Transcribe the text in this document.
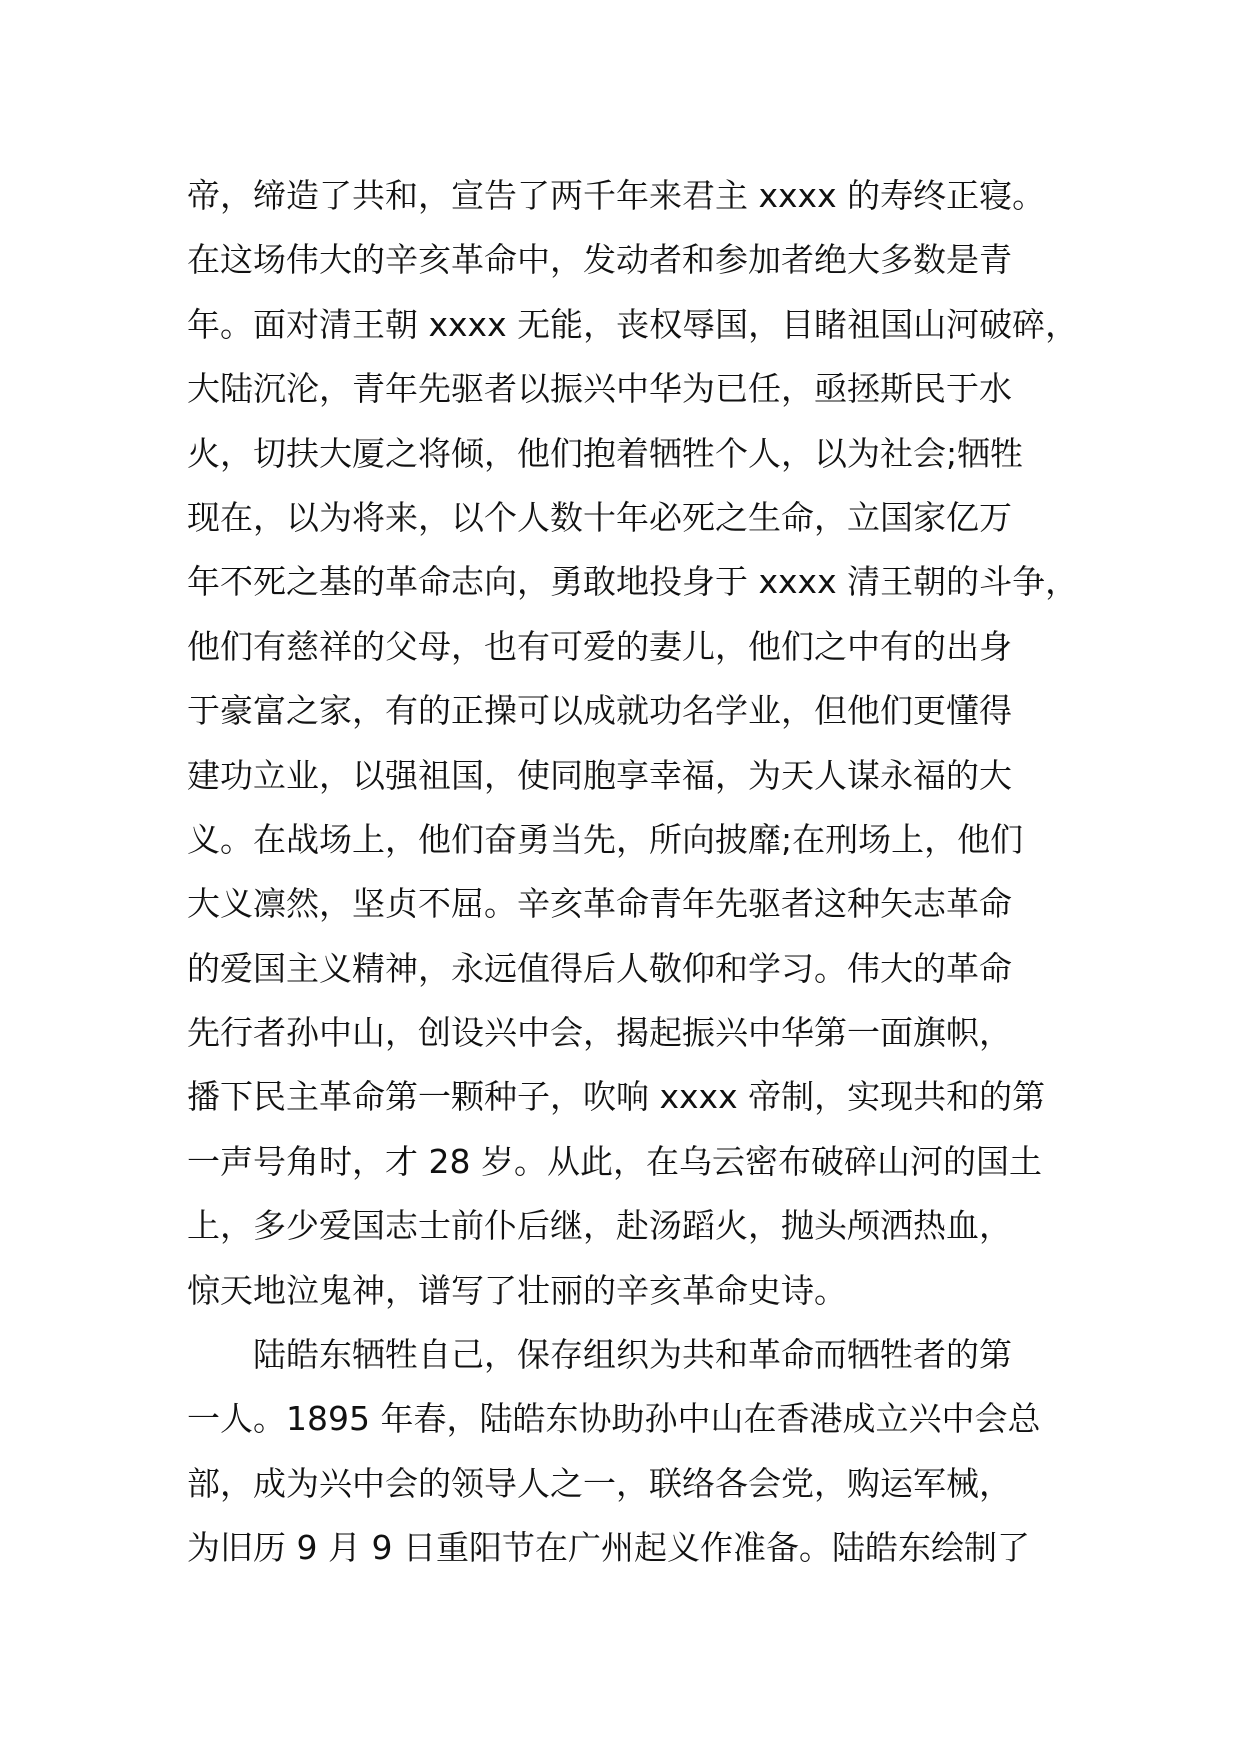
帝，缔造了共和，宣告了两千年来君主 xxxx 的寿终正寝。
在这场伟大的辛亥革命中，发动者和参加者绝大多数是青
年。面对清王朝 xxxx 无能，丧权辱国，目睹祖国山河破碎，
大陆沉沦，青年先驱者以振兴中华为已任，亟拯斯民于水
火，切扶大厦之将倾，他们抱着牺牲个人，以为社会;牺牲
现在，以为将来，以个人数十年必死之生命，立国家亿万
年不死之基的革命志向，勇敢地投身于 xxxx 清王朝的斗争，
他们有慈祥的父母，也有可爱的妻儿，他们之中有的出身
于豪富之家，有的正操可以成就功名学业，但他们更懂得
建功立业，以强祖国，使同胞享幸福，为天人谋永福的大
义。在战场上，他们奋勇当先，所向披靡;在刑场上，他们
大义凛然，坚贞不屈。辛亥革命青年先驱者这种矢志革命
的爱国主义精神，永远值得后人敬仰和学习。伟大的革命
先行者孙中山，创设兴中会，揭起振兴中华第一面旗帜，
播下民主革命第一颗种子，吹响 xxxx 帝制，实现共和的第
一声号角时，才 28 岁。从此，在乌云密布破碎山河的国土
上，多少爱国志士前仆后继，赴汤蹈火，抛头颅洒热血，
惊天地泣鬼神，谱写了壮丽的辛亥革命史诗。
　　陆皓东牺牲自己，保存组织为共和革命而牺牲者的第
一人。1895 年春，陆皓东协助孙中山在香港成立兴中会总
部，成为兴中会的领导人之一，联络各会党，购运军械，
为旧历 9 月 9 日重阳节在广州起义作准备。陆皓东绘制了
